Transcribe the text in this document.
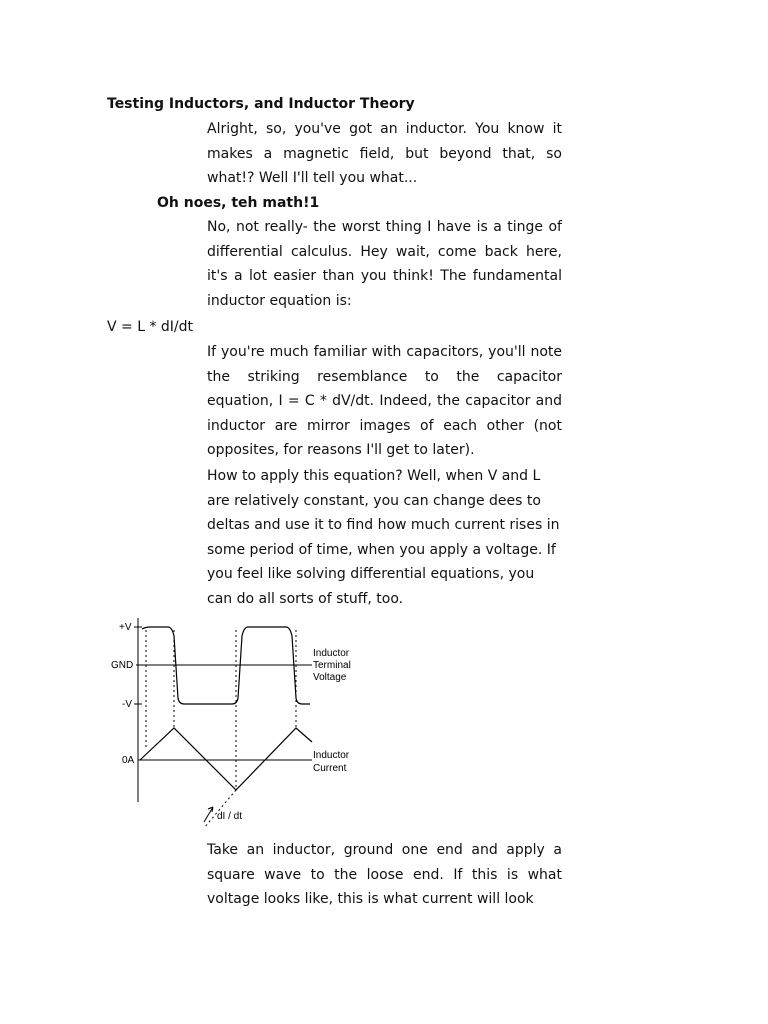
Testing Inductors, and Inductor Theory

Alright, so, you've got an inductor. You know it makes a magnetic field, but beyond that, so what!? Well I'll tell you what...

Oh noes, teh math!1

No, not really- the worst thing I have is a tinge of differential calculus. Hey wait, come back here, it's a lot easier than you think! The fundamental inductor equation is:

V = L * dI/dt

If you're much familiar with capacitors, you'll note the striking resemblance to the capacitor equation, I = C * dV/dt. Indeed, the capacitor and inductor are mirror images of each other (not opposites, for reasons I'll get to later).

How to apply this equation? Well, when V and L are relatively constant, you can change dees to deltas and use it to find how much current rises in some period of time, when you apply a voltage. If you feel like solving differential equations, you can do all sorts of stuff, too.

+V
GND
-V
0A
Inductor
Terminal
Voltage
Inductor
Current
dI / dt

Take an inductor, ground one end and apply a square wave to the loose end. If this is what voltage looks like, this is what current will look
